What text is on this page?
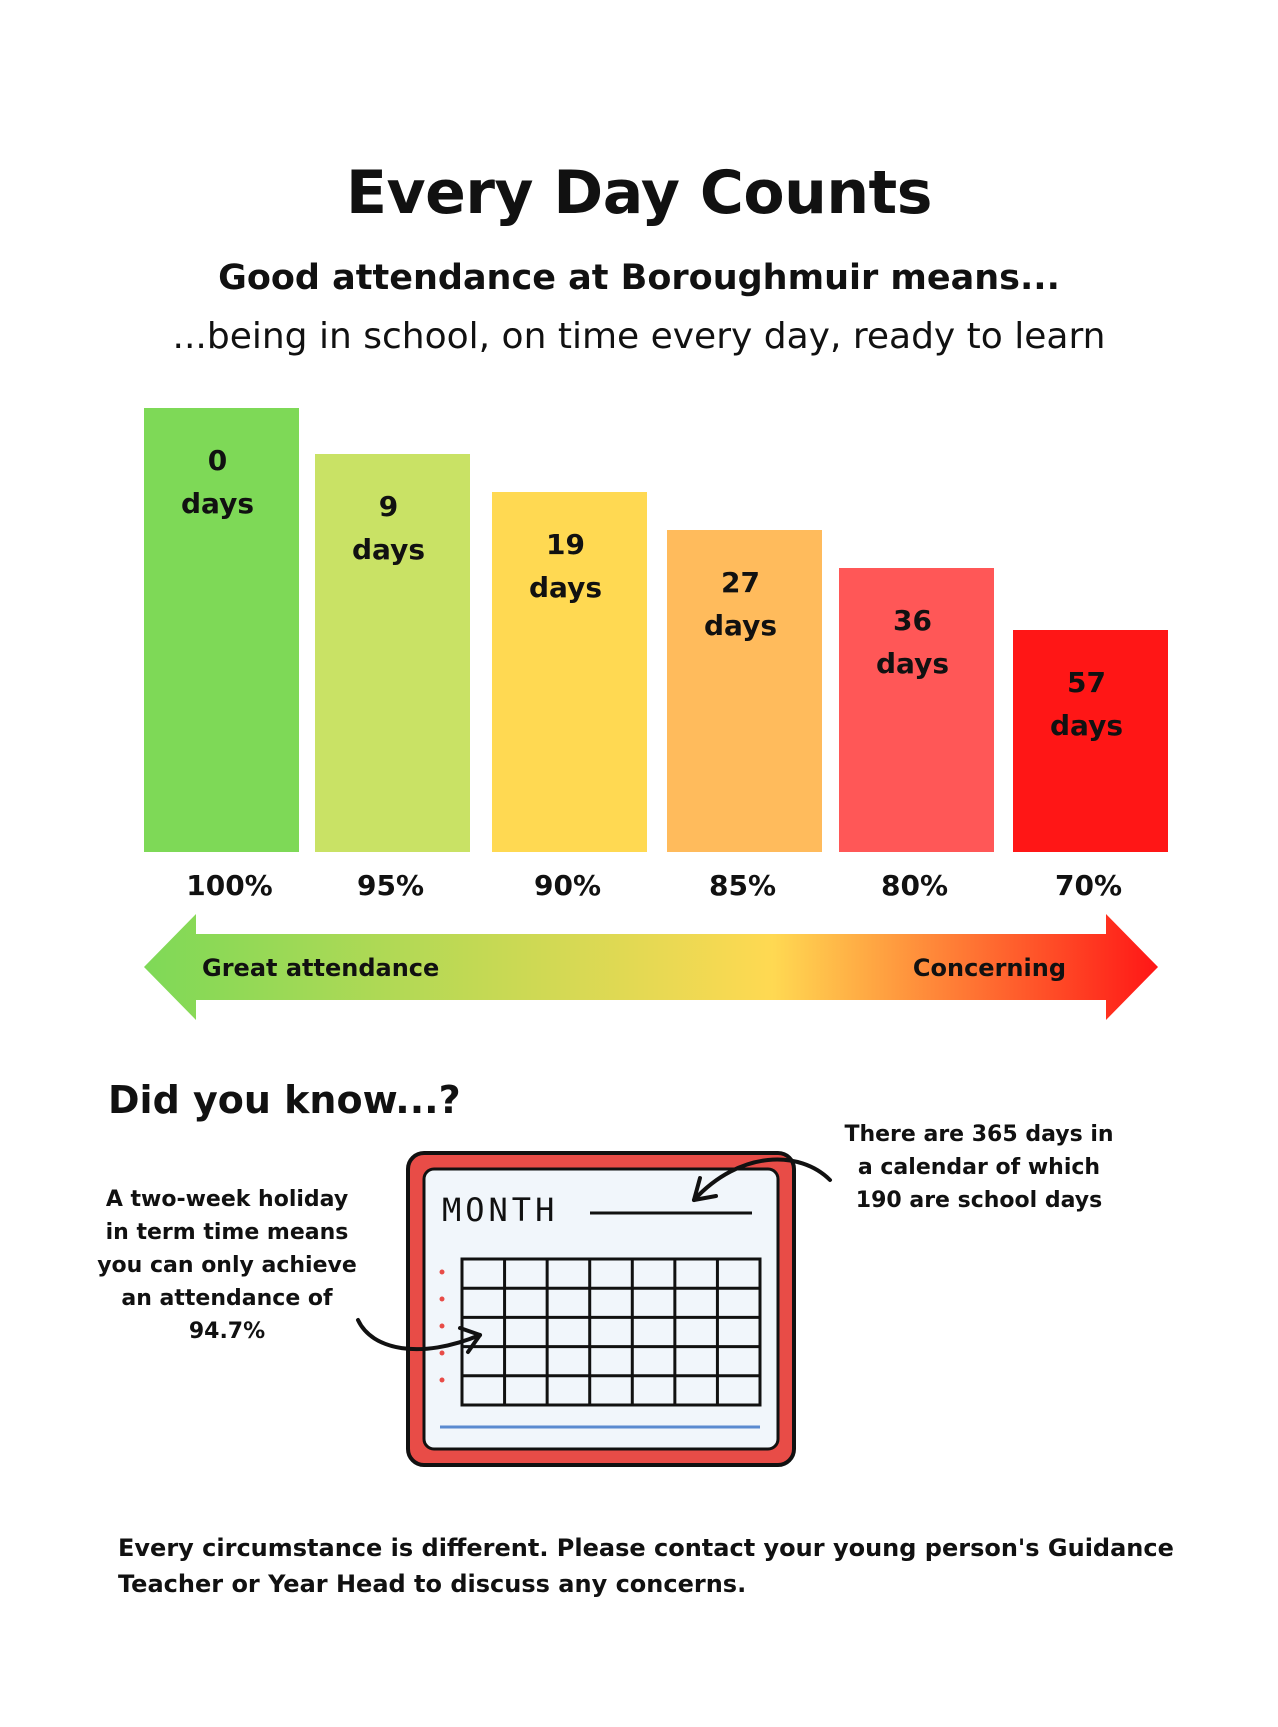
Every Day Counts
Good attendance at Boroughmuir means...
...being in school, on time every day, ready to learn
0
days	9
days	19
days	27
days	36
days
57
days
100%	95%	90%	85%	80%	70%
Great attendance	Concerning
Did you know...?
A two-week holiday in term time means you can only achieve an attendance of 94.7%
There are 365 days in a calendar of which 190 are school days
MONTH
Every circumstance is different. Please contact your young person's Guidance Teacher or Year Head to discuss any concerns.
